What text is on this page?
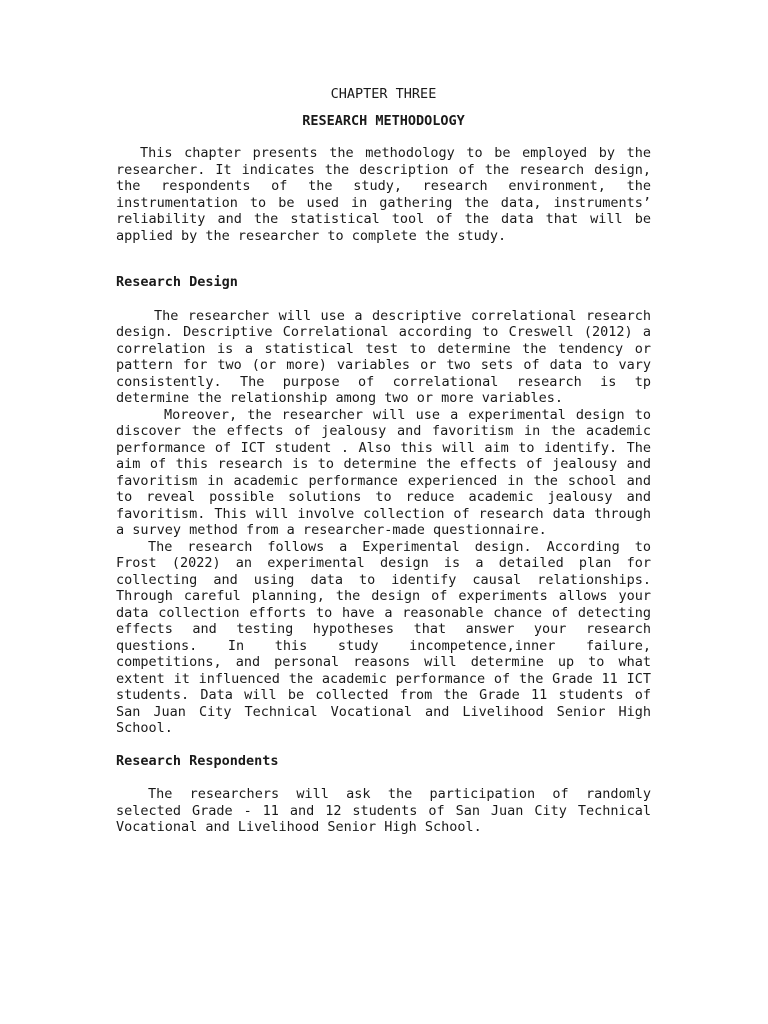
CHAPTER THREE
RESEARCH METHODOLOGY

This chapter presents the methodology to be employed by the researcher. It indicates the description of the research design, the respondents of the study, research environment, the instrumentation to be used in gathering the data, instruments’ reliability and the statistical tool of the data that will be applied by the researcher to complete the study.

Research Design

The researcher will use a descriptive correlational research design. Descriptive Correlational according to Creswell (2012) a correlation is a statistical test to determine the tendency or pattern for two (or more) variables or two sets of data to vary consistently. The purpose of correlational research is tp determine the relationship among two or more variables.

Moreover, the researcher will use a experimental design to discover the effects of jealousy and favoritism in the academic performance of ICT student . Also this will aim to identify. The aim of this research is to determine the effects of jealousy and favoritism in academic performance experienced in the school and to reveal possible solutions to reduce academic jealousy and favoritism. This will involve collection of research data through a survey method from a researcher-made questionnaire.

The research follows a Experimental design. According to Frost (2022) an experimental design is a detailed plan for collecting and using data to identify causal relationships. Through careful planning, the design of experiments allows your data collection efforts to have a reasonable chance of detecting effects and testing hypotheses that answer your research questions. In this study incompetence,inner failure, competitions, and personal reasons will determine up to what extent it influenced the academic performance of the Grade 11 ICT students. Data will be collected from the Grade 11 students of San Juan City Technical Vocational and Livelihood Senior High School.

Research Respondents

The researchers will ask the participation of randomly selected Grade - 11 and 12 students of San Juan City Technical Vocational and Livelihood Senior High School.
